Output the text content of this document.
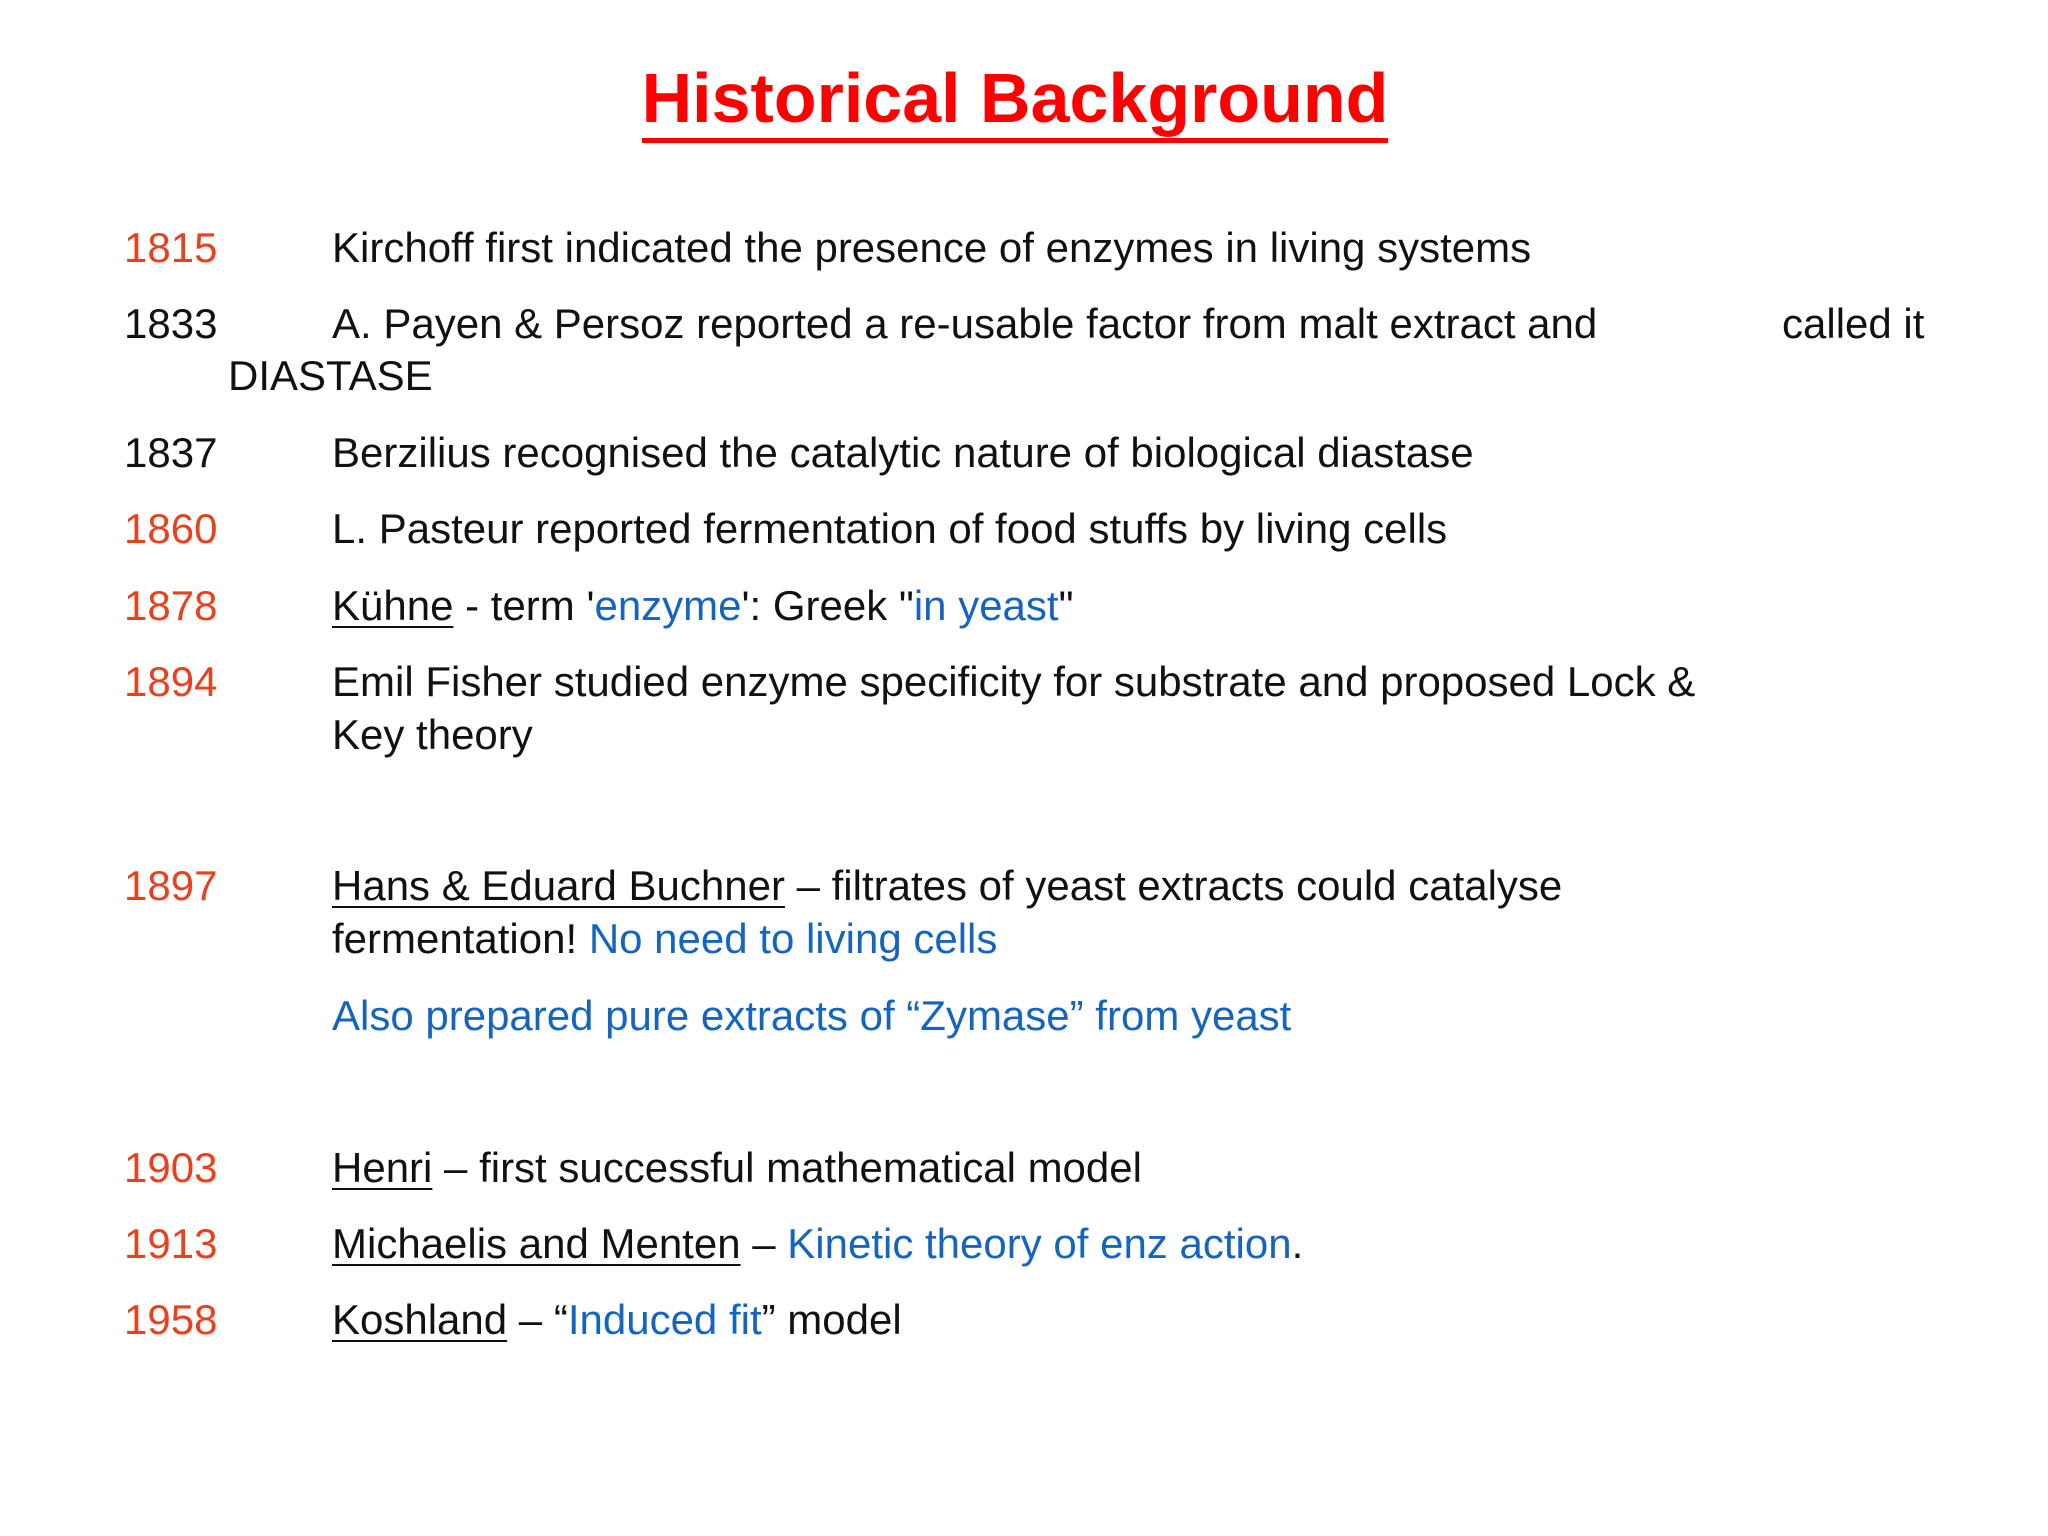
Historical Background
1815	Kirchoff first indicated the presence of enzymes in living systems
1833	A. Payen & Persoz reported a re-usable factor from malt extract and	called it
DIASTASE
1837	Berzilius recognised the catalytic nature of biological diastase
1860	L. Pasteur reported fermentation of food stuffs by living cells
1878	Kühne - term 'enzyme': Greek "in yeast"
1894	Emil Fisher studied enzyme specificity for substrate and proposed Lock &
Key theory
1897	Hans & Eduard Buchner – filtrates of yeast extracts could catalyse
fermentation! No need to living cells
Also prepared pure extracts of “Zymase” from yeast
1903	Henri – first successful mathematical model
1913	Michaelis and Menten – Kinetic theory of enz action.
1958	Koshland – “Induced fit” model
